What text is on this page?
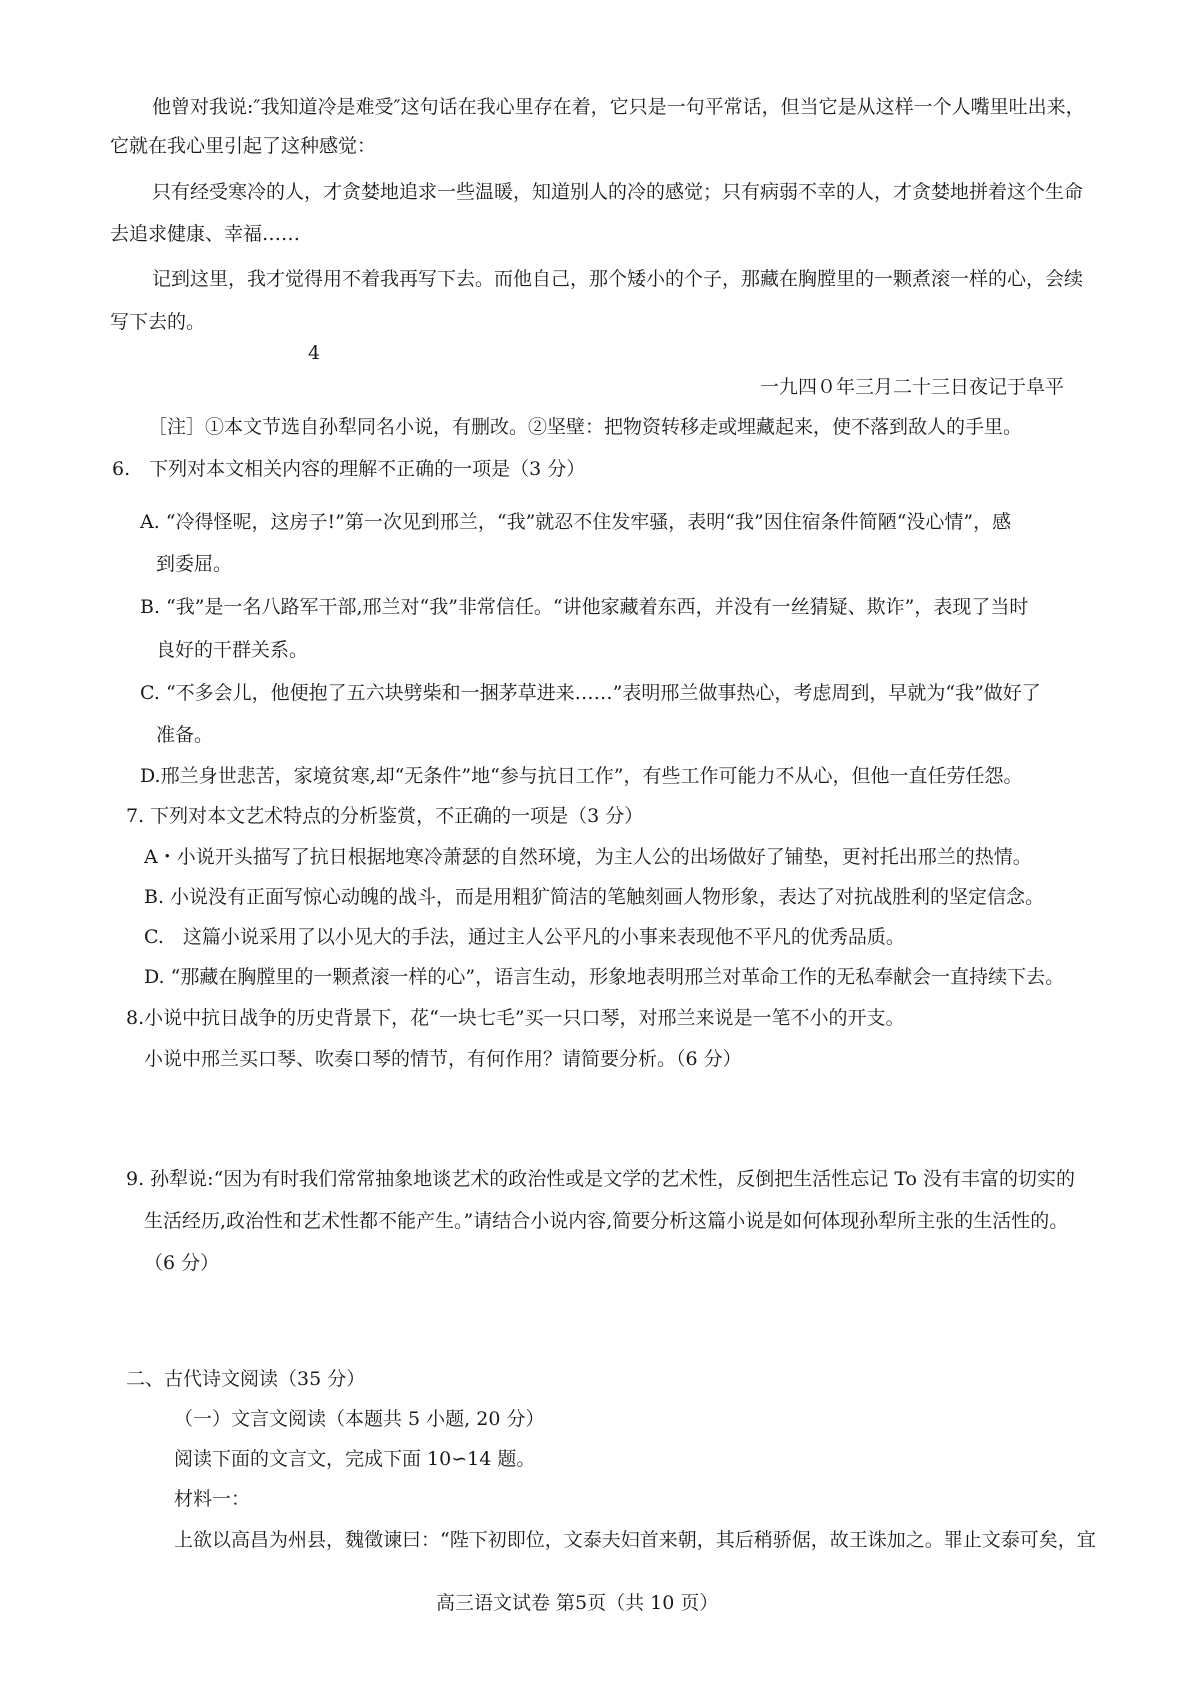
他曾对我说:″我知道冷是难受″这句话在我心里存在着，它只是一句平常话，但当它是从这样一个人嘴里吐出来，
它就在我心里引起了这种感觉：
只有经受寒冷的人，才贪婪地追求一些温暖，知道别人的冷的感觉；只有病弱不幸的人，才贪婪地拼着这个生命
去追求健康、幸福……
记到这里，我才觉得用不着我再写下去。而他自己，那个矮小的个子，那藏在胸膛里的一颗煮滚一样的心，会续
写下去的。
4
一九四０年三月二十三日夜记于阜平
［注］①本文节选自孙犁同名小说，有删改。②坚壁：把物资转移走或埋藏起来，使不落到敌人的手里。
6.　下列对本文相关内容的理解不正确的一项是（3 分）
A. “冷得怪呢，这房子!”第一次见到邢兰，“我”就忍不住发牢骚，表明“我”因住宿条件简陋“没心情”，感
到委屈。
B. “我”是一名八路军干部,邢兰对“我”非常信任。“讲他家藏着东西，并没有一丝猜疑、欺诈”，表现了当时
良好的干群关系。
C. “不多会儿，他便抱了五六块劈柴和一捆茅草进来……”表明邢兰做事热心，考虑周到，早就为“我”做好了
准备。
D.邢兰身世悲苦，家境贫寒,却“无条件”地“参与抗日工作”，有些工作可能力不从心，但他一直任劳任怨。
7. 下列对本文艺术特点的分析鉴赏，不正确的一项是（3 分）
A・小说开头描写了抗日根据地寒冷萧瑟的自然环境，为主人公的出场做好了铺垫，更衬托出邢兰的热情。
B. 小说没有正面写惊心动魄的战斗，而是用粗犷简洁的笔触刻画人物形象，表达了对抗战胜利的坚定信念。
C.　这篇小说采用了以小见大的手法，通过主人公平凡的小事来表现他不平凡的优秀品质。
D. “那藏在胸膛里的一颗煮滚一样的心”，语言生动，形象地表明邢兰对革命工作的无私奉献会一直持续下去。
8.小说中抗日战争的历史背景下，花“一块七毛”买一只口琴，对邢兰来说是一笔不小的开支。
小说中邢兰买口琴、吹奏口琴的情节，有何作用？请简要分析。（6 分）
9. 孙犁说:“因为有时我们常常抽象地谈艺术的政治性或是文学的艺术性，反倒把生活性忘记 To 没有丰富的切实的
生活经历,政治性和艺术性都不能产生。”请结合小说内容,简要分析这篇小说是如何体现孙犁所主张的生活性的。
（6 分）
二、古代诗文阅读（35 分）
（一）文言文阅读（本题共 5 小题, 20 分）
阅读下面的文言文，完成下面 10∽14 题。
材料一：
上欲以高昌为州县，魏徵谏曰：“陛下初即位，文泰夫妇首来朝，其后稍骄倨，故王诛加之。罪止文泰可矣，宜
高三语文试卷 第5页（共 10 页）
